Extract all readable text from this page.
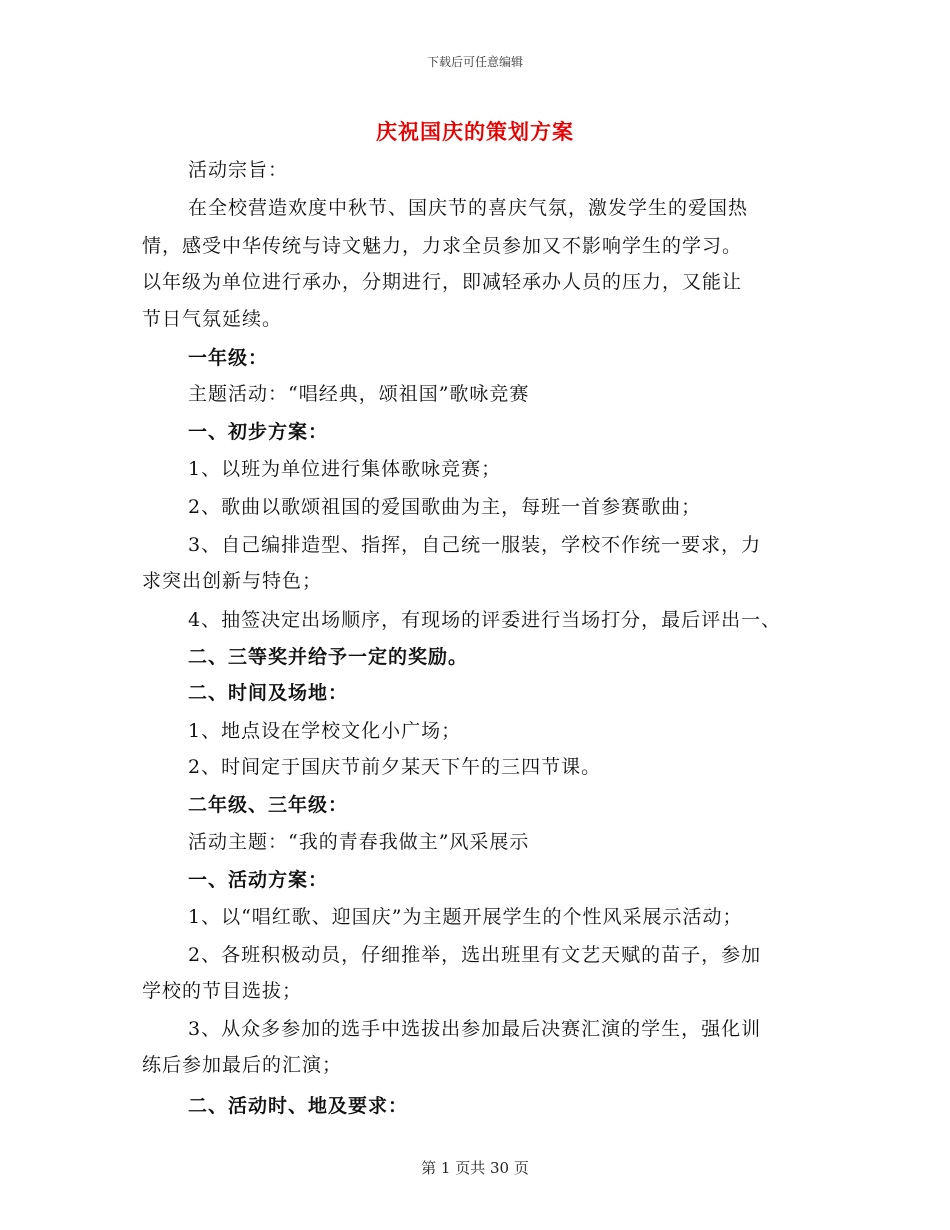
下载后可任意编辑
庆祝国庆的策划方案
活动宗旨：
在全校营造欢度中秋节、国庆节的喜庆气氛，激发学生的爱国热
情，感受中华传统与诗文魅力，力求全员参加又不影响学生的学习。
以年级为单位进行承办，分期进行，即减轻承办人员的压力，又能让
节日气氛延续。
一年级：
主题活动：“唱经典，颂祖国”歌咏竞赛
一、初步方案：
1、以班为单位进行集体歌咏竞赛；
2、歌曲以歌颂祖国的爱国歌曲为主，每班一首参赛歌曲；
3、自己编排造型、指挥，自己统一服装，学校不作统一要求，力
求突出创新与特色；
4、抽签决定出场顺序，有现场的评委进行当场打分，最后评出一、
二、三等奖并给予一定的奖励。
二、时间及场地：
1、地点设在学校文化小广场；
2、时间定于国庆节前夕某天下午的三四节课。
二年级、三年级：
活动主题：“我的青春我做主”风采展示
一、活动方案：
1、以“唱红歌、迎国庆”为主题开展学生的个性风采展示活动；
2、各班积极动员，仔细推举，选出班里有文艺天赋的苗子，参加
学校的节目选拔；
3、从众多参加的选手中选拔出参加最后决赛汇演的学生，强化训
练后参加最后的汇演；
二、活动时、地及要求：
第 1 页共 30 页
